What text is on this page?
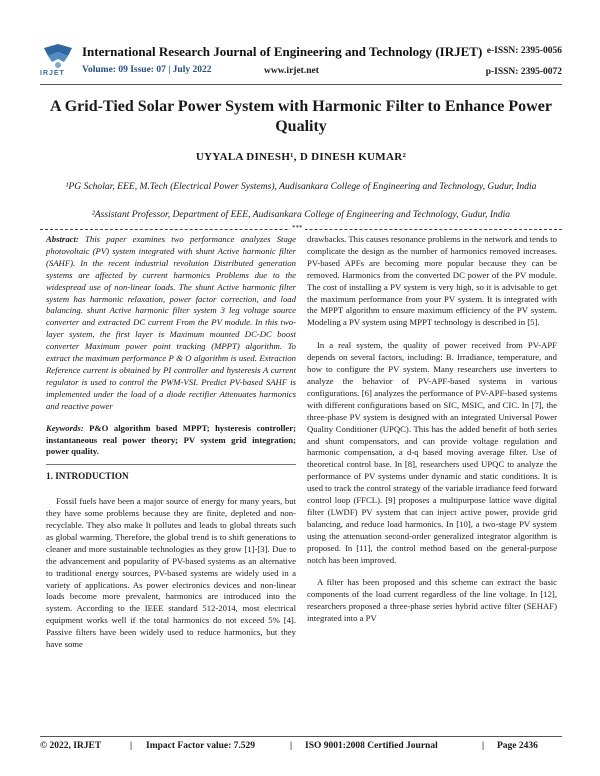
IRJET
International Research Journal of Engineering and Technology (IRJET) e-ISSN: 2395-0056
Volume: 09 Issue: 07 | July 2022	www.irjet.net	p-ISSN: 2395-0072
A Grid-Tied Solar Power System with Harmonic Filter to Enhance Power Quality
UYYALA DINESH¹, D DINESH KUMAR²
¹PG Scholar, EEE, M.Tech (Electrical Power Systems), Audisankara College of Engineering and Technology, Gudur, India
²Assistant Professor, Department of EEE, Audisankara College of Engineering and Technology, Gudur, India
***

Abstract: This paper examines two performance analyzes Stage photovoltaic (PV) system integrated with shunt Active harmonic filter (SAHF). In the recent industrial revolution Distributed generation systems are affected by current harmonics Problems due to the widespread use of non-linear loads. The shunt Active harmonic filter system has harmonic relaxation, power factor correction, and load balancing. shunt Active harmonic filter system 3 leg voltage source converter and extracted DC current From the PV module. In this two-layer system, the first layer is Maximum mounted DC-DC boost converter Maximum power point tracking (MPPT) algorithm. To extract the maximum performance P & O algorithm is used. Extraction Reference current is obtained by PI controller and hysteresis A current regulator is used to control the PWM-VSI. Predict PV-based SAHF is implemented under the load of a diode rectifier Attenuates harmonics and reactive power

Keywords: P&O algorithm based MPPT; hysteresis controller; instantaneous real power theory; PV system grid integration; power quality.

1. INTRODUCTION

Fossil fuels have been a major source of energy for many years, but they have some problems because they are finite, depleted and non-recyclable. They also make It pollutes and leads to global threats such as global warming. Therefore, the global trend is to shift generations to cleaner and more sustainable technologies as they grow [1]-[3]. Due to the advancement and popularity of PV-based systems as an alternative to traditional energy sources, PV-based systems are widely used in a variety of applications. As power electronics devices and non-linear loads become more prevalent, harmonics are introduced into the system. According to the IEEE standard 512-2014, most electrical equipment works well if the total harmonics do not exceed 5% [4]. Passive filters have been widely used to reduce harmonics, but they have some

drawbacks. This causes resonance problems in the network and tends to complicate the design as the number of harmonics removed increases. PV-based APFs are becoming more popular because they can be removed. Harmonics from the converted DC power of the PV module. The cost of installing a PV system is very high, so it is advisable to get the maximum performance from your PV system. It is integrated with the MPPT algorithm to ensure maximum efficiency of the PV system. Modeling a PV system using MPPT technology is described in [5].

In a real system, the quality of power received from PV-APF depends on several factors, including: B. Irradiance, temperature, and how to configure the PV system. Many researchers use inverters to analyze the behavior of PV-APF-based systems in various configurations. [6] analyzes the performance of PV-APF-based systems with different configurations based on SIC, MSIC, and CIC. In [7], the three-phase PV system is designed with an integrated Universal Power Quality Conditioner (UPQC). This has the added benefit of both series and shunt compensators, and can provide voltage regulation and harmonic compensation, a d-q based moving average filter. Use of theoretical control base. In [8], researchers used UPQC to analyze the performance of PV systems under dynamic and static conditions. It is used to track the control strategy of the variable irradiance feed forward control loop (FFCL). [9] proposes a multipurpose lattice wave digital filter (LWDF) PV system that can inject active power, provide grid balancing, and reduce load harmonics. In [10], a two-stage PV system using the attenuation second-order generalized integrator algorithm is proposed. In [11], the control method based on the general-purpose notch has been improved.

A filter has been proposed and this scheme can extract the basic components of the load current regardless of the line voltage. In [12], researchers proposed a three-phase series hybrid active filter (SEHAF) integrated into a PV

© 2022, IRJET	| Impact Factor value: 7.529	| ISO 9001:2008 Certified Journal	| Page 2436
